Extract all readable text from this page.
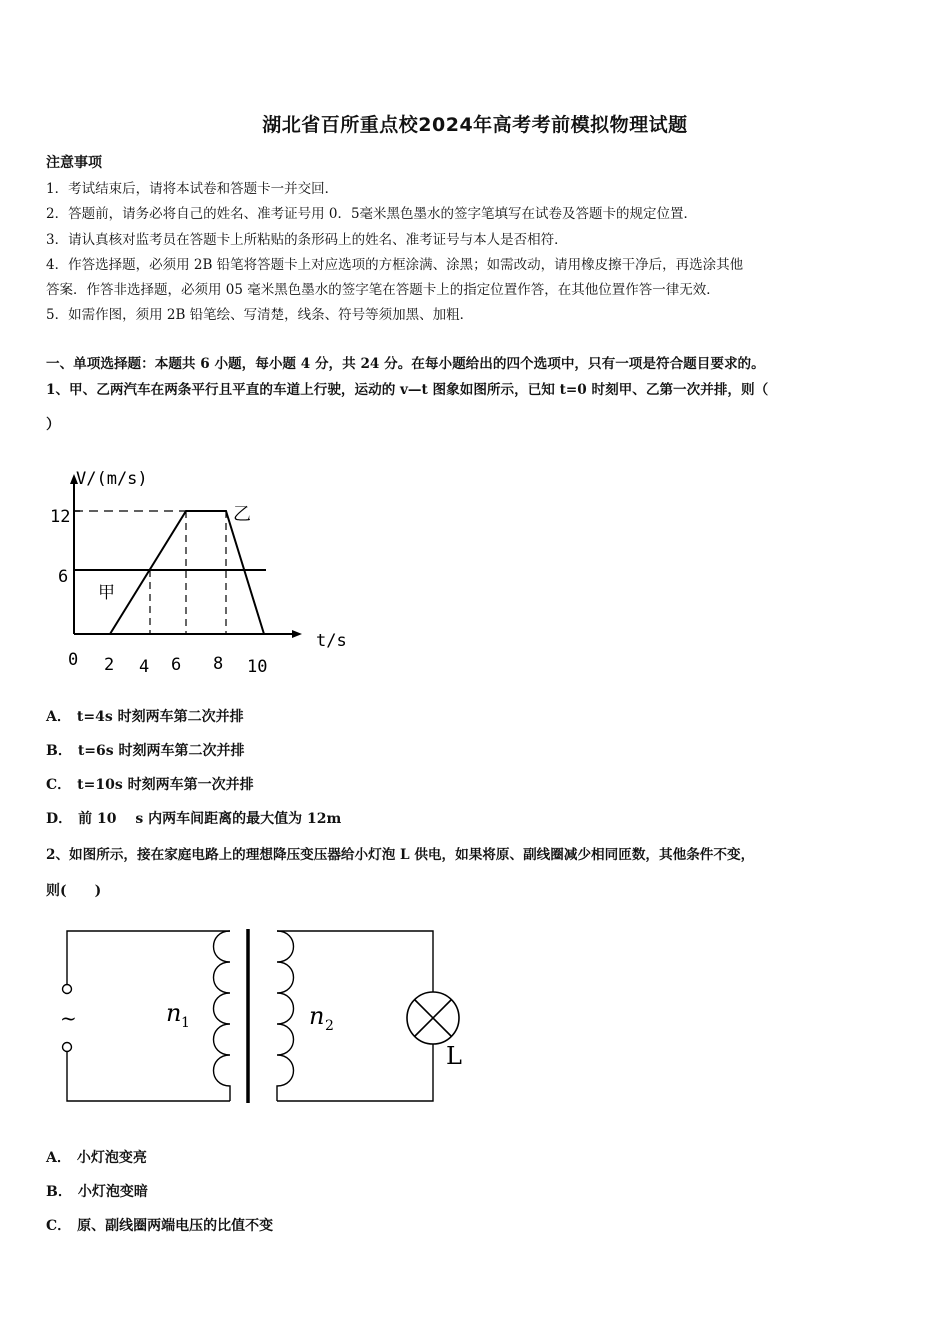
湖北省百所重点校2024年高考考前模拟物理试题
注意事项
1．考试结束后，请将本试卷和答题卡一并交回．
2．答题前，请务必将自己的姓名、准考证号用 0．5毫米黑色墨水的签字笔填写在试卷及答题卡的规定位置．
3．请认真核对监考员在答题卡上所粘贴的条形码上的姓名、准考证号与本人是否相符．
4．作答选择题，必须用 2B 铅笔将答题卡上对应选项的方框涂满、涂黑；如需改动，请用橡皮擦干净后，再选涂其他
答案．作答非选择题，必须用 05 毫米黑色墨水的签字笔在答题卡上的指定位置作答，在其他位置作答一律无效．
5．如需作图，须用 2B 铅笔绘、写清楚，线条、符号等须加黑、加粗．
一、单项选择题：本题共 6 小题，每小题 4 分，共 24 分。在每小题给出的四个选项中，只有一项是符合题目要求的。
1、甲、乙两汽车在两条平行且平直的车道上行驶，运动的 v—t 图象如图所示，已知 t=0 时刻甲、乙第一次并排，则（
）
V/(m/s)
t/s
12
6
0 2 4 6 8 10
甲
乙
A． t=4s 时刻两车第二次并排
B． t=6s 时刻两车第二次并排
C． t=10s 时刻两车第一次并排
D． 前 10 　s 内两车间距离的最大值为 12m
2、如图所示，接在家庭电路上的理想降压变压器给小灯泡 L 供电，如果将原、副线圈减少相同匝数，其他条件不变，
则(　　)
~	n 1	n 2
L
A． 小灯泡变亮
B． 小灯泡变暗
C． 原、副线圈两端电压的比值不变
